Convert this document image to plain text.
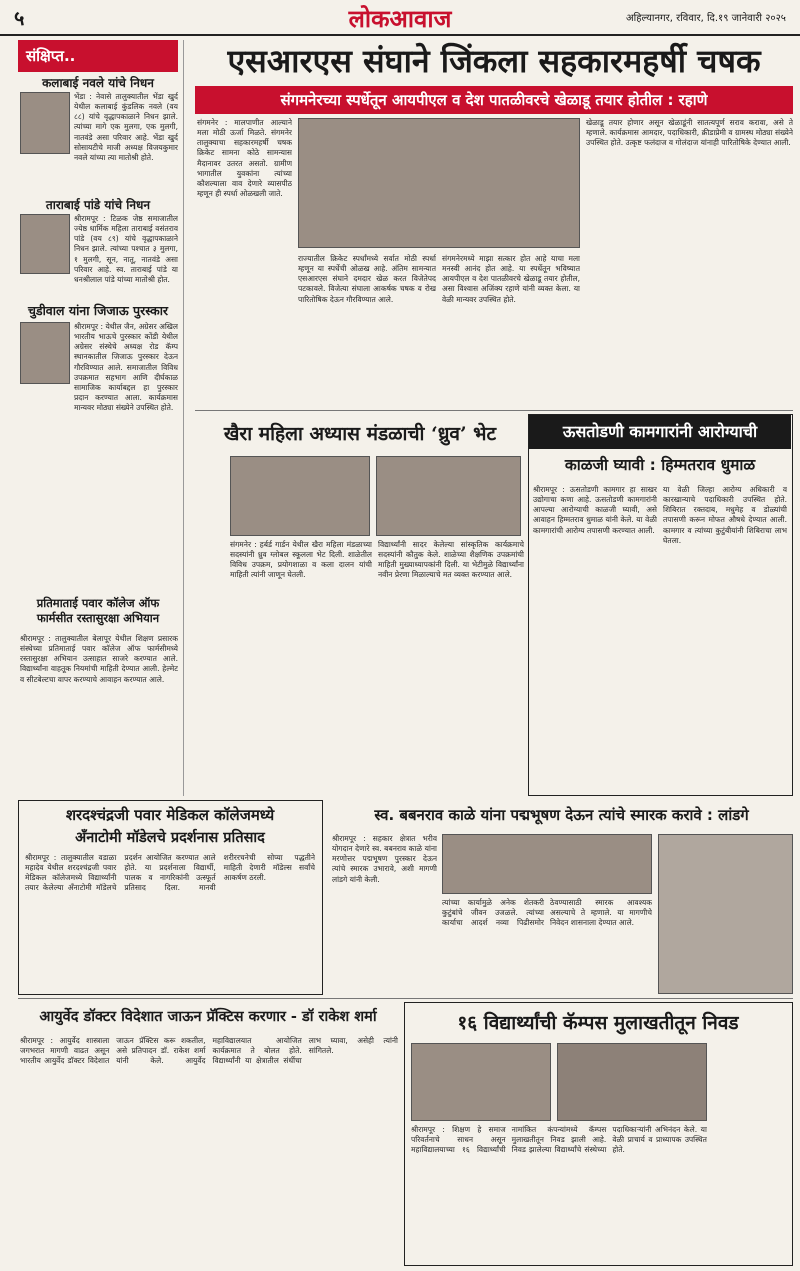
५	लोकआवाज	अहिल्यानगर, रविवार, दि.१९ जानेवारी २०२५
संक्षिप्त..
कलाबाई नवले यांचे निधन
भेंडा : नेवासे तालुक्यातील भेंडा खुर्द येथील कलाबाई कुंडलिक नवले (वय ८८) यांचे वृद्धापकाळाने निधन झाले. त्यांच्या मागे एक मुलगा, एक मुलगी, नातवंडे असा परिवार आहे. भेंडा खुर्द सोसायटीचे माजी अध्यक्ष विजयकुमार नवले यांच्या त्या मातोश्री होते.
ताराबाई पांडे यांचे निधन
श्रीरामपूर : टिळक जेष्ठ समाजातील ज्येष्ठ धार्मिक महिला ताराबाई वसंतराव पांडे (वय ८९) यांचे वृद्धापकाळाने निधन झाले. त्यांच्या पश्चात ३ मुलगा, १ मुलगी, सून, नातू, नातवंडे असा परिवार आहे. स्व. ताराबाई पांडे या धनश्रीलाल पांडे यांच्या मातोश्री होत.
चुडीवाल यांना जिजाऊ पुरस्कार
श्रीरामपूर : येथील जैन, अग्रेसर अखिल भारतीय भाऊचे पुरस्कार कोंडी येथील अग्रेसर संस्थेचे अध्यक्ष रोड कॅम्प स्थानकातील जिजाऊ पुरस्कार देऊन गौरविण्यात आले. समाजातील विविध उपक्रमात सहभाग आणि दीर्घकाळ सामाजिक कार्याबद्दल हा पुरस्कार प्रदान करण्यात आला. कार्यक्रमास मान्यवर मोठ्या संख्येने उपस्थित होते.
प्रतिमाताई पवार कॉलेज ऑफ फार्मसीत रस्तासुरक्षा अभियान
श्रीरामपूर : तालुक्यातील बेलापूर येथील शिक्षण प्रसारक संस्थेच्या प्रतिमाताई पवार कॉलेज ऑफ फार्मसीमध्ये रस्तासुरक्षा अभियान उत्साहात साजरे करण्यात आले. विद्यार्थ्यांना वाहतूक नियमांची माहिती देण्यात आली. हेल्मेट व सीटबेल्टचा वापर करण्याचे आवाहन करण्यात आले.
एसआरएस संघाने जिंकला सहकारमहर्षी चषक
संगमनेरच्या स्पर्धेतून आयपीएल व देश पातळीवरचे खेळाडू तयार होतील : रहाणे
संगमनेर : मालपाणीत आल्याने मला मोठी ऊर्जा मिळते. संगमनेर तालुक्याचा सहकारमहर्षी चषक क्रिकेट सामना कोठे सामन्यास मैदानावर उतरत असतो. ग्रामीण भागातील युवकांना त्यांच्या कौशल्याला वाव देणारे व्यासपीठ म्हणून ही स्पर्धा ओळखली जाते.
राज्यातील क्रिकेट स्पर्धांमध्ये सर्वात मोठी स्पर्धा म्हणून या स्पर्धेची ओळख आहे. अंतिम सामन्यात एसआरएस संघाने दमदार खेळ करत विजेतेपद पटकावले. विजेत्या संघाला आकर्षक चषक व रोख पारितोषिक देऊन गौरविण्यात आले.
संगमनेरमध्ये माझा सत्कार होत आहे याचा मला मनस्वी आनंद होत आहे. या स्पर्धेतून भविष्यात आयपीएल व देश पातळीवरचे खेळाडू तयार होतील, असा विश्वास अजिंक्य रहाणे यांनी व्यक्त केला. या वेळी मान्यवर उपस्थित होते.
खेळाडू तयार होणार असून खेळाडूंनी सातत्यपूर्ण सराव करावा, असे ते म्हणाले. कार्यक्रमास आमदार, पदाधिकारी, क्रीडाप्रेमी व ग्रामस्थ मोठ्या संख्येने उपस्थित होते. उत्कृष्ट फलंदाज व गोलंदाज यांनाही पारितोषिके देण्यात आली.
खैरा महिला अध्यास मंडळाची ‘ध्रुव’ भेट
संगमनेर : हर्बर्ड गार्डन येथील खैरा महिला मंडळाच्या सदस्यांनी ध्रुव ग्लोबल स्कूलला भेट दिली. शाळेतील विविध उपक्रम, प्रयोगशाळा व कला दालन यांची माहिती त्यांनी जाणून घेतली.
विद्यार्थ्यांनी सादर केलेल्या सांस्कृतिक कार्यक्रमाचे सदस्यांनी कौतुक केले. शाळेच्या शैक्षणिक उपक्रमांची माहिती मुख्याध्यापकांनी दिली. या भेटीमुळे विद्यार्थ्यांना नवीन प्रेरणा मिळाल्याचे मत व्यक्त करण्यात आले.
ऊसतोडणी कामगारांनी आरोग्याची
काळजी घ्यावी : हिम्मतराव धुमाळ
श्रीरामपूर : ऊसतोडणी कामगार हा साखर उद्योगाचा कणा आहे. ऊसतोडणी कामगारांनी आपल्या आरोग्याची काळजी घ्यावी, असे आवाहन हिम्मतराव धुमाळ यांनी केले. या वेळी कामगारांची आरोग्य तपासणी करण्यात आली.
या वेळी जिल्हा आरोग्य अधिकारी व कारखान्याचे पदाधिकारी उपस्थित होते. शिबिरात रक्तदाब, मधुमेह व डोळ्यांची तपासणी करून मोफत औषधे देण्यात आली. कामगार व त्यांच्या कुटुंबीयांनी शिबिराचा लाभ घेतला.
शरदश्चंद्रजी पवार मेडिकल कॉलेजमध्ये
अँनाटोमी मॉडेलचे प्रदर्शनास प्रतिसाद
श्रीरामपूर : तालुक्यातील वडाळा महादेव येथील शरदश्चंद्रजी पवार मेडिकल कॉलेजमध्ये विद्यार्थ्यांनी तयार केलेल्या अँनाटोमी मॉडेलचे प्रदर्शन आयोजित करण्यात आले होते. या प्रदर्शनाला विद्यार्थी, पालक व नागरिकांनी उत्स्फूर्त प्रतिसाद दिला. मानवी शरीररचनेची सोप्या पद्धतीने माहिती देणारी मॉडेल्स सर्वांचे आकर्षण ठरली.
स्व. बबनराव काळे यांना पद्मभूषण देऊन त्यांचे स्मारक करावे : लांडगे
श्रीरामपूर : सहकार क्षेत्रात भरीव योगदान देणारे स्व. बबनराव काळे यांना मरणोत्तर पद्मभूषण पुरस्कार देऊन त्यांचे स्मारक उभारावे, अशी मागणी लांडगे यांनी केली.
त्यांच्या कार्यामुळे अनेक शेतकरी कुटुंबांचे जीवन उजळले. त्यांच्या कार्याचा आदर्श नव्या पिढीसमोर ठेवण्यासाठी स्मारक आवश्यक असल्याचे ते म्हणाले. या मागणीचे निवेदन शासनाला देण्यात आले.
आयुर्वेद डॉक्टर विदेशात जाऊन प्रॅक्टिस करणार - डॉ राकेश शर्मा
श्रीरामपूर : आयुर्वेद शास्त्राला जगभरात मागणी वाढत असून भारतीय आयुर्वेद डॉक्टर विदेशात जाऊन प्रॅक्टिस करू शकतील, असे प्रतिपादन डॉ. राकेश शर्मा यांनी केले. आयुर्वेद महाविद्यालयात आयोजित कार्यक्रमात ते बोलत होते. विद्यार्थ्यांनी या क्षेत्रातील संधींचा लाभ घ्यावा, असेही त्यांनी सांगितले.
१६ विद्यार्थ्यांची कॅम्पस मुलाखतीतून निवड
श्रीरामपूर : शिक्षण हे समाज परिवर्तनाचे साधन असून महाविद्यालयाच्या १६ विद्यार्थ्यांची नामांकित कंपन्यांमध्ये कॅम्पस मुलाखतीतून निवड झाली आहे. निवड झालेल्या विद्यार्थ्यांचे संस्थेच्या पदाधिकाऱ्यांनी अभिनंदन केले. या वेळी प्राचार्य व प्राध्यापक उपस्थित होते.
